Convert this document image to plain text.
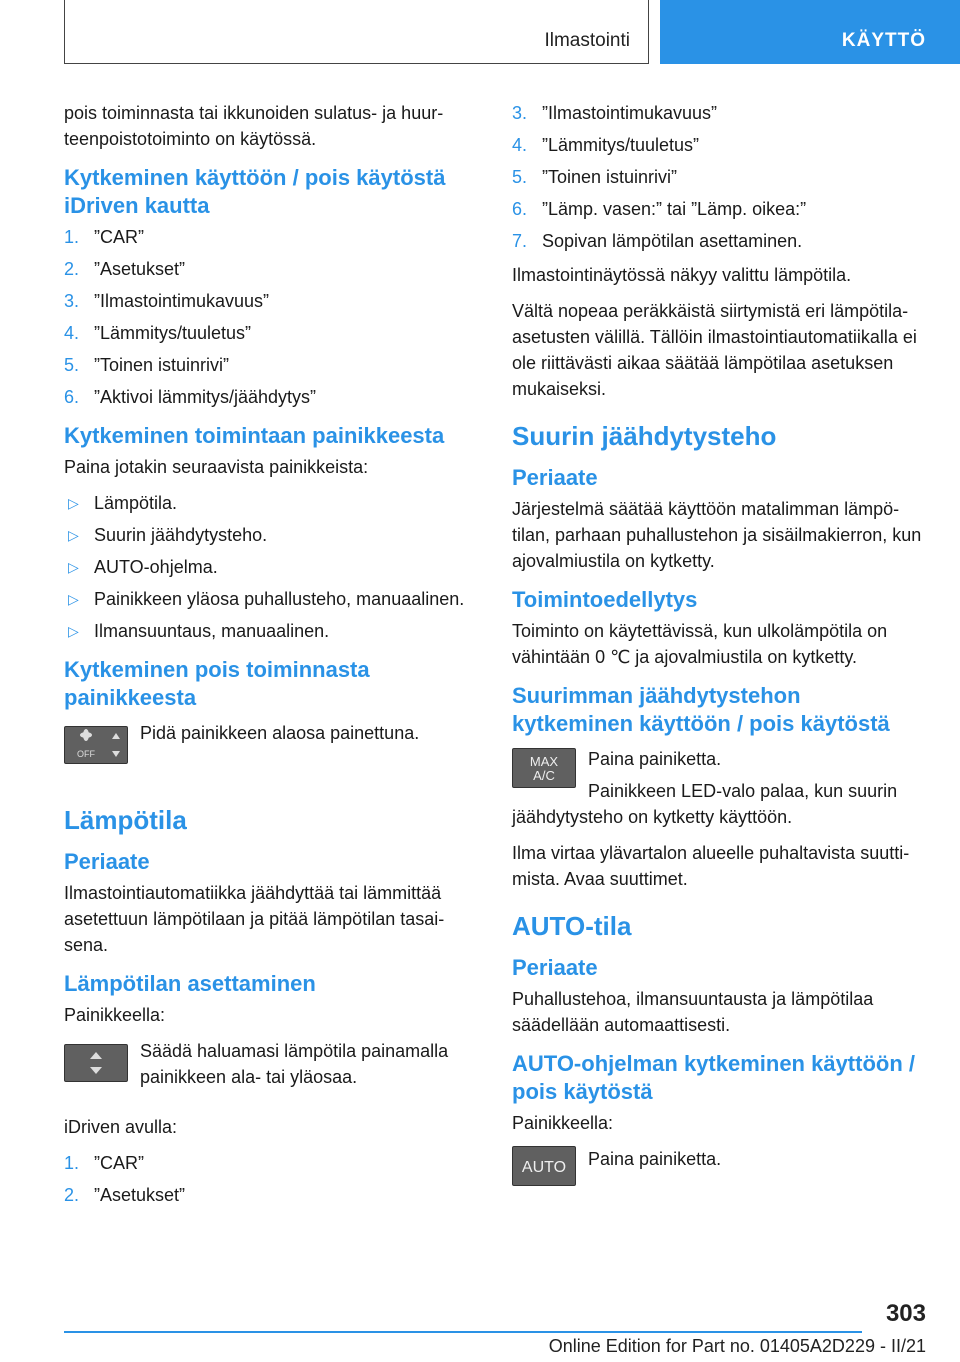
Ilmastointi	KÄYTTÖ

pois toiminnasta tai ikkunoiden sulatus- ja huur-teenpoistotoiminto on käytössä.

Kytkeminen käyttöön / pois käytöstä iDriven kautta
1. ”CAR”
2. ”Asetukset”
3. ”Ilmastointimukavuus”
4. ”Lämmitys/tuuletus”
5. ”Toinen istuinrivi”
6. ”Aktivoi lämmitys/jäähdytys”
Kytkeminen toimintaan painikkeesta

Paina jotakin seuraavista painikkeista:

▷ Lämpötila.
▷ Suurin jäähdytysteho.
▷ AUTO-ohjelma.
▷ Painikkeen yläosa puhallusteho, manuaalinen.
▷ Ilmansuuntaus, manuaalinen.
Kytkeminen pois toiminnasta painikkeesta
OFF

Pidä painikkeen alaosa painettuna.

Lämpötila
Periaate

Ilmastointiautomatiikka jäähdyttää tai lämmittää asetettuun lämpötilaan ja pitää lämpötilan tasai-sena.

Lämpötilan asettaminen

Painikkeella:

Säädä haluamasi lämpötila painamalla painikkeen ala- tai yläosaa.

iDriven avulla:

1. ”CAR”
2. ”Asetukset”
3. ”Ilmastointimukavuus”
4. ”Lämmitys/tuuletus”
5. ”Toinen istuinrivi”
6. ”Lämp. vasen:” tai ”Lämp. oikea:”
7. Sopivan lämpötilan asettaminen.

Ilmastointinäytössä näkyy valittu lämpötila.

Vältä nopeaa peräkkäistä siirtymistä eri lämpötila-asetusten välillä. Tällöin ilmastointiautomatiikalla ei ole riittävästi aikaa säätää lämpötilaa asetuksen mukaiseksi.

Suurin jäähdytysteho
Periaate

Järjestelmä säätää käyttöön matalimman lämpö-tilan, parhaan puhallustehon ja sisäilmakierron, kun ajovalmiustila on kytketty.

Toimintoedellytys

Toiminto on käytettävissä, kun ulkolämpötila on vähintään 0 ℃ ja ajovalmiustila on kytketty.

Suurimman jäähdytystehon kytkeminen käyttöön / pois käytöstä
MAX
A/C

Paina painiketta.

Painikkeen LED-valo palaa, kun suurin jäähdytysteho on kytketty käyttöön.

Ilma virtaa ylävartalon alueelle puhaltavista suutti-mista. Avaa suuttimet.

AUTO-tila
Periaate

Puhallustehoa, ilmansuuntausta ja lämpötilaa säädellään automaattisesti.

AUTO-ohjelman kytkeminen käyttöön / pois käytöstä

Painikkeella:

AUTO Paina painiketta.

303
Online Edition for Part no. 01405A2D229 - II/21
